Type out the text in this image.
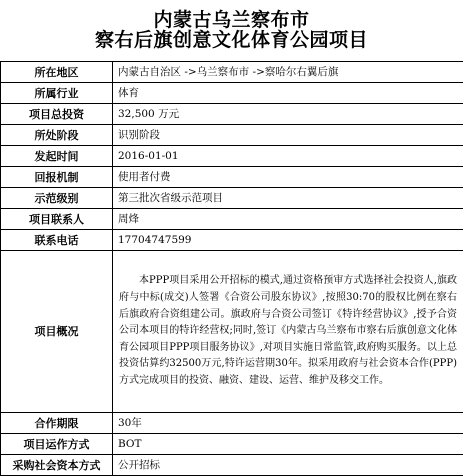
内蒙古乌兰察布市
察右后旗创意文化体育公园项目
所在地区	内蒙古自治区 ->乌兰察布市 ->察哈尔右翼后旗
所属行业	体育
项目总投资	32,500 万元
所处阶段	识别阶段
发起时间	2016-01-01
回报机制	使用者付费
示范级别	第三批次省级示范项目
项目联系人	周烽
联系电话	17704747599
项目概况	本PPP项目采用公开招标的模式,通过资格预审方式选择社会投资人,旗政府与中标(成交)人签署《合资公司股东协议》,按照30:70的股权比例在察右后旗政府合资组建公司。旗政府与合资公司签订《特许经营协议》,授予合资公司本项目的特许经营权;同时,签订《内蒙古乌兰察布市察右后旗创意文化体育公园项目PPP项目服务协议》,对项目实施日常监管,政府购买服务。以上总投资估算约32500万元,特许运营期30年。拟采用政府与社会资本合作(PPP)方式完成项目的投资、融资、建设、运营、维护及移交工作。

合作期限	30年
项目运作方式	BOT
采购社会资本方式	公开招标
